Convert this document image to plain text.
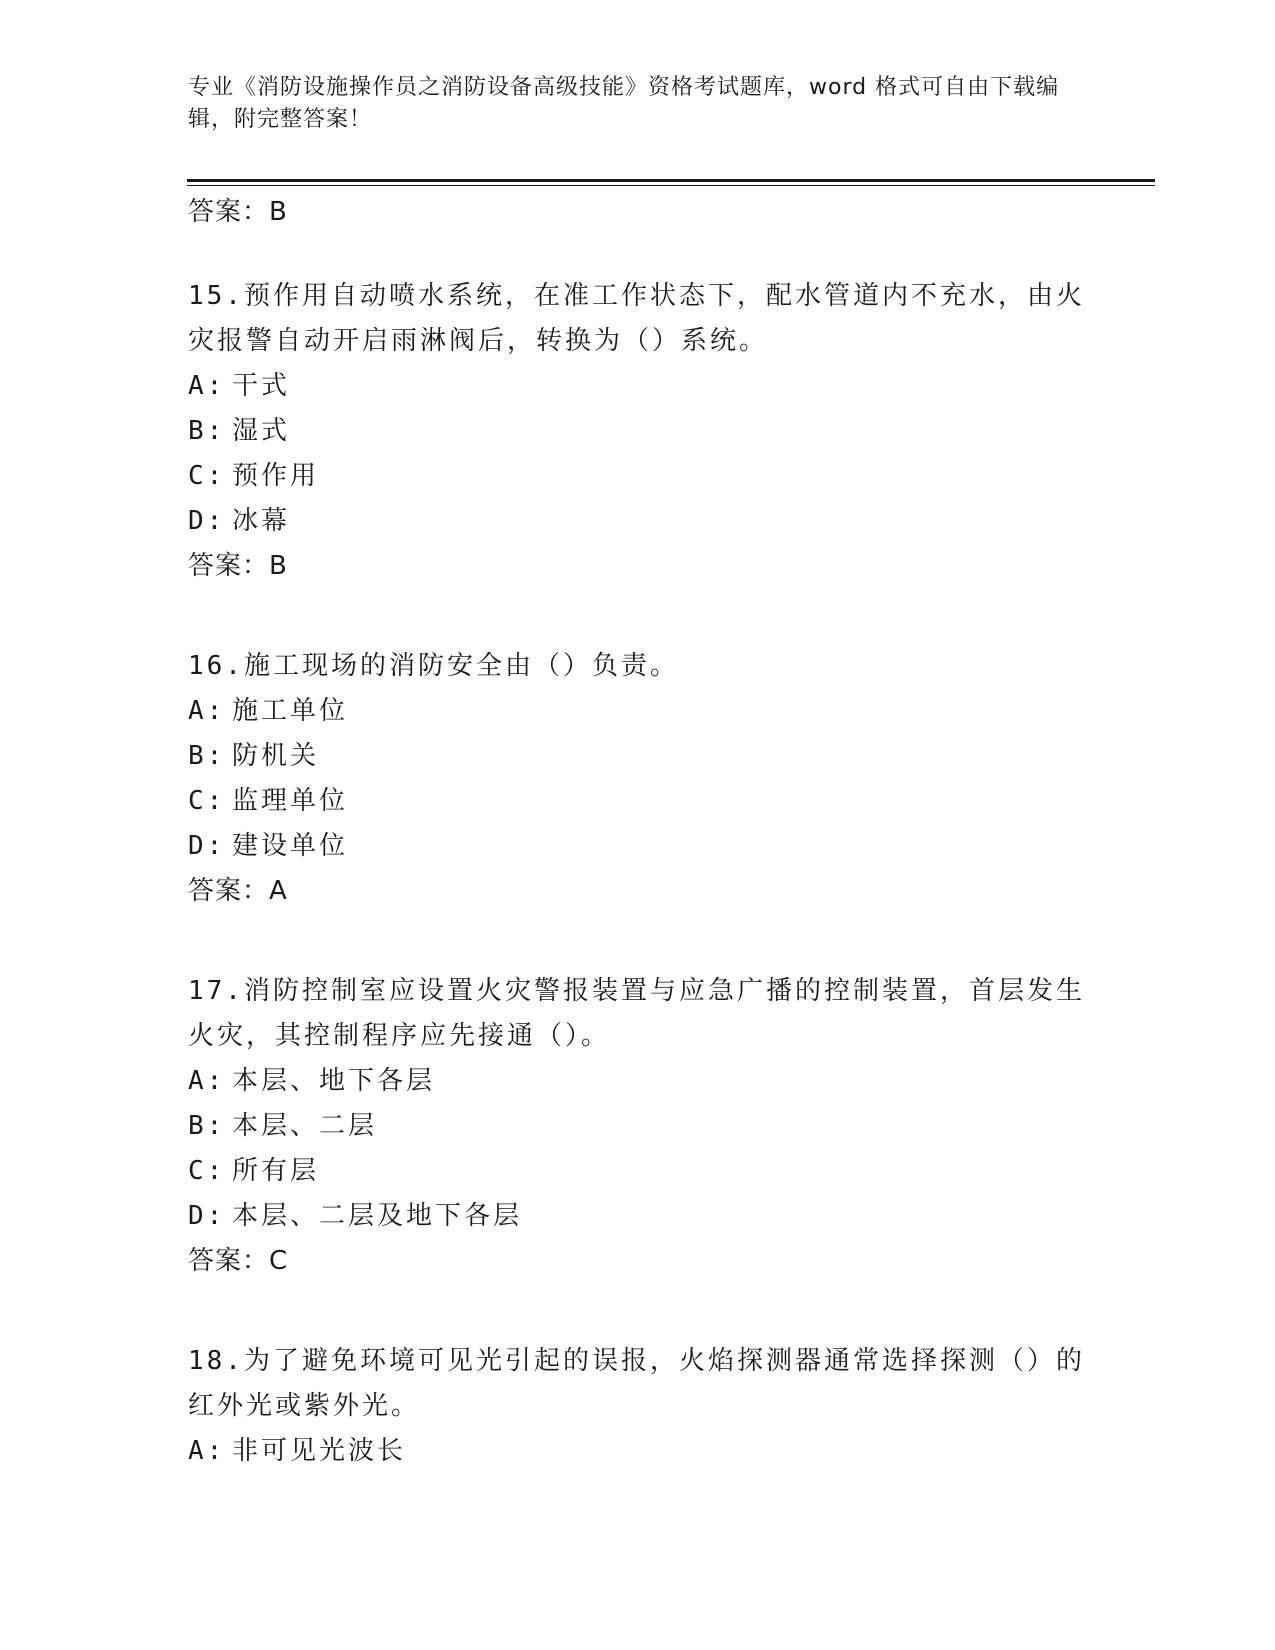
专业《消防设施操作员之消防设备高级技能》资格考试题库，word 格式可自由下载编辑，附完整答案！
答案：B
15.预作用自动喷水系统，在准工作状态下，配水管道内不充水，由火灾报警自动开启雨淋阀后，转换为（）系统。
A: 干式
B: 湿式
C: 预作用
D: 冰幕
答案：B
16.施工现场的消防安全由（）负责。
A: 施工单位
B: 防机关
C: 监理单位
D: 建设单位
答案：A
17.消防控制室应设置火灾警报装置与应急广播的控制装置，首层发生火灾，其控制程序应先接通（）。
A: 本层、地下各层
B: 本层、二层
C: 所有层
D: 本层、二层及地下各层
答案：C
18.为了避免环境可见光引起的误报，火焰探测器通常选择探测（）的红外光或紫外光。
A: 非可见光波长
